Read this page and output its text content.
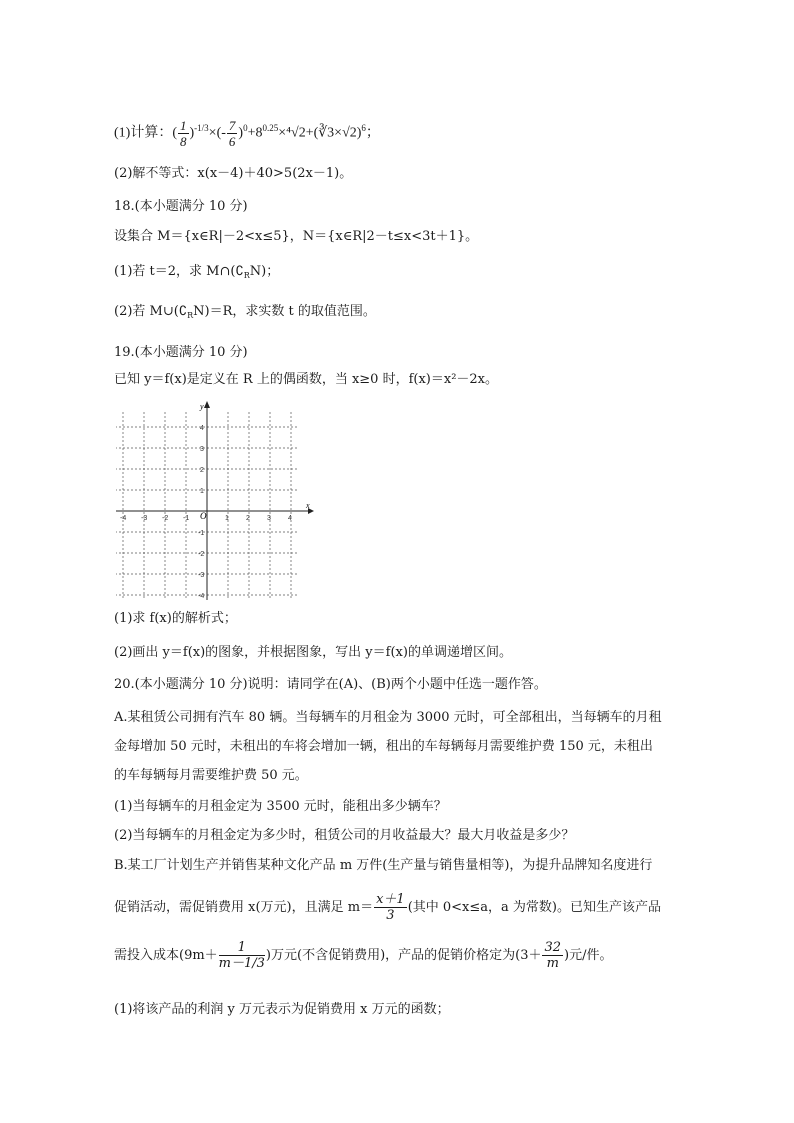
(1)计算：( $\frac{1}{8} )^{-1/3}\times(- \frac{7}{6}$ )$^0+8^{0.25}\times^4√2+(∛3\times√2)^6$；
(2)解不等式：x(x－4)＋40>5(2x－1)。
18.(本小题满分 10 分)
设集合 M＝{x∈R|－2<x≤5}，N＝{x∈R|2－t≤x<3t＋1}。
(1)若 t＝2，求 $M\cap(∁_RN)$；
(2)若 $M\cup(∁_RN)=R$，求实数 t 的取值范围。
19.(本小题满分 10 分)
已知 y＝f(x)是定义在 R 上的偶函数，当 x≥0 时，f(x)＝x²－2x。
x
y
O
-4 -3 -2 -1	1 2 3 4
4
3
2
1
-1
-2
-3
-4
(1)求 f(x)的解析式；
(2)画出 y＝f(x)的图象，并根据图象，写出 y＝f(x)的单调递增区间。
20.(本小题满分 10 分)说明：请同学在(A)、(B)两个小题中任选一题作答。
A.某租赁公司拥有汽车 80 辆。当每辆车的月租金为 3000 元时，可全部租出，当每辆车的月租
金每增加 50 元时，未租出的车将会增加一辆，租出的车每辆每月需要维护费 150 元，未租出
的车每辆每月需要维护费 50 元。
(1)当每辆车的月租金定为 3500 元时，能租出多少辆车？
(2)当每辆车的月租金定为多少时，租赁公司的月收益最大？最大月收益是多少？
B.某工厂计划生产并销售某种文化产品 m 万件(生产量与销售量相等)，为提升品牌知名度进行
促销活动，需促销费用 x(万元)，且满足 $m= \frac{x+1}{3}$ (其中 0<x≤a，a 为常数)。已知生产该产品
需投入成本($9m+ \frac{1}{m-1/3}$ )万元(不含促销费用)，产品的促销价格定为($3+ \frac{32}{m}$ )元/件。
(1)将该产品的利润 y 万元表示为促销费用 x 万元的函数；
